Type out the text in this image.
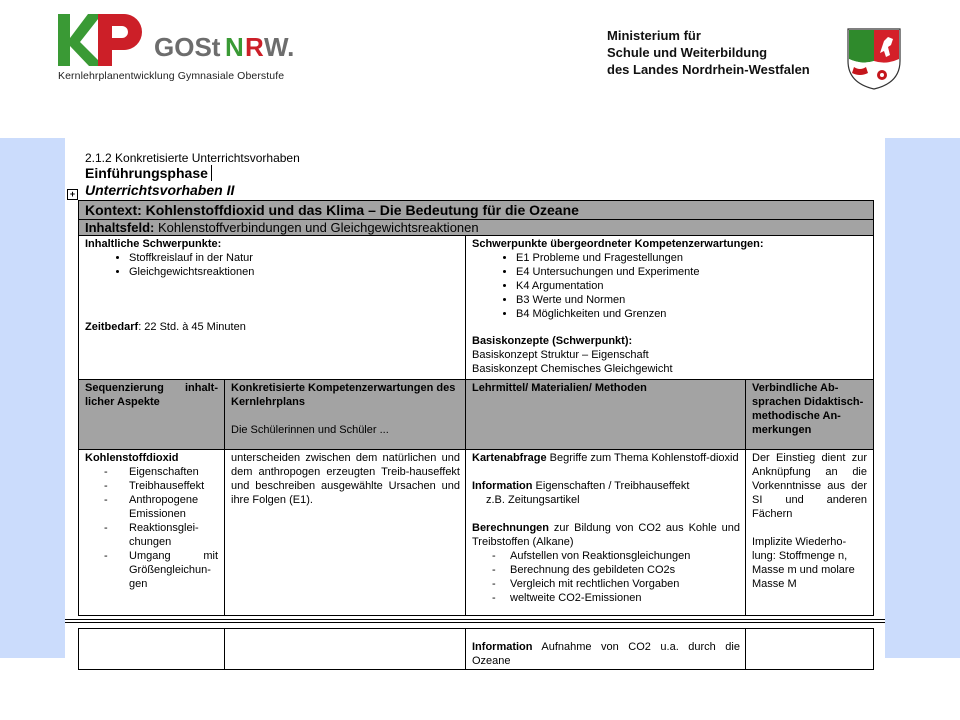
GOSt N R W.
Kernlehrplanentwicklung Gymnasiale Oberstufe
Ministerium für
Schule und Weiterbildung
des Landes Nordrhein-Westfalen
2.1.2 Konkretisierte Unterrichtsvorhaben
Einführungsphase
Unterrichtsvorhaben II
+
Kontext: Kohlenstoffdioxid und das Klima – Die Bedeutung für die Ozeane
Inhaltsfeld: Kohlenstoffverbindungen und Gleichgewichtsreaktionen
Inhaltliche Schwerpunkte:
• Stoffkreislauf in der Natur
• Gleichgewichtsreaktionen
Zeitbedarf: 22 Std. à 45 Minuten
Schwerpunkte übergeordneter Kompetenzerwartungen:
• E1 Probleme und Fragestellungen
• E4 Untersuchungen und Experimente
• K4 Argumentation
• B3 Werte und Normen
• B4 Möglichkeiten und Grenzen
Basiskonzepte (Schwerpunkt):
Basiskonzept Struktur – Eigenschaft
Basiskonzept Chemisches Gleichgewicht
Sequenzierung inhalt-licher Aspekte
Konkretisierte Kompetenzerwartungen des Kernlehrplans
Die Schülerinnen und Schüler ...
Lehrmittel/ Materialien/ Methoden	Verbindliche Ab-sprachen Didaktisch-methodische An-merkungen
Kohlenstoffdioxid
- Eigenschaften
- Treibhauseffekt
- Anthropogene Emissionen
- Reaktionsglei-chungen
- Umgang mit Größengleichun-gen
unterscheiden zwischen dem natürlichen und dem anthropogen erzeugten Treib-hauseffekt und beschreiben ausgewählte Ursachen und ihre Folgen (E1).
Kartenabfrage Begriffe zum Thema Kohlenstoff-dioxid
Information Eigenschaften / Treibhauseffekt
z.B. Zeitungsartikel
Berechnungen zur Bildung von CO2 aus Kohle und Treibstoffen (Alkane)
- Aufstellen von Reaktionsgleichungen
- Berechnung des gebildeten CO2s
- Vergleich mit rechtlichen Vorgaben
- weltweite CO2-Emissionen
Der Einstieg dient zur Anknüpfung an die Vorkenntnisse aus der SI und anderen Fächern
Implizite Wiederho-lung: Stoffmenge n, Masse m und molare Masse M
Information Aufnahme von CO2 u.a. durch die Ozeane
